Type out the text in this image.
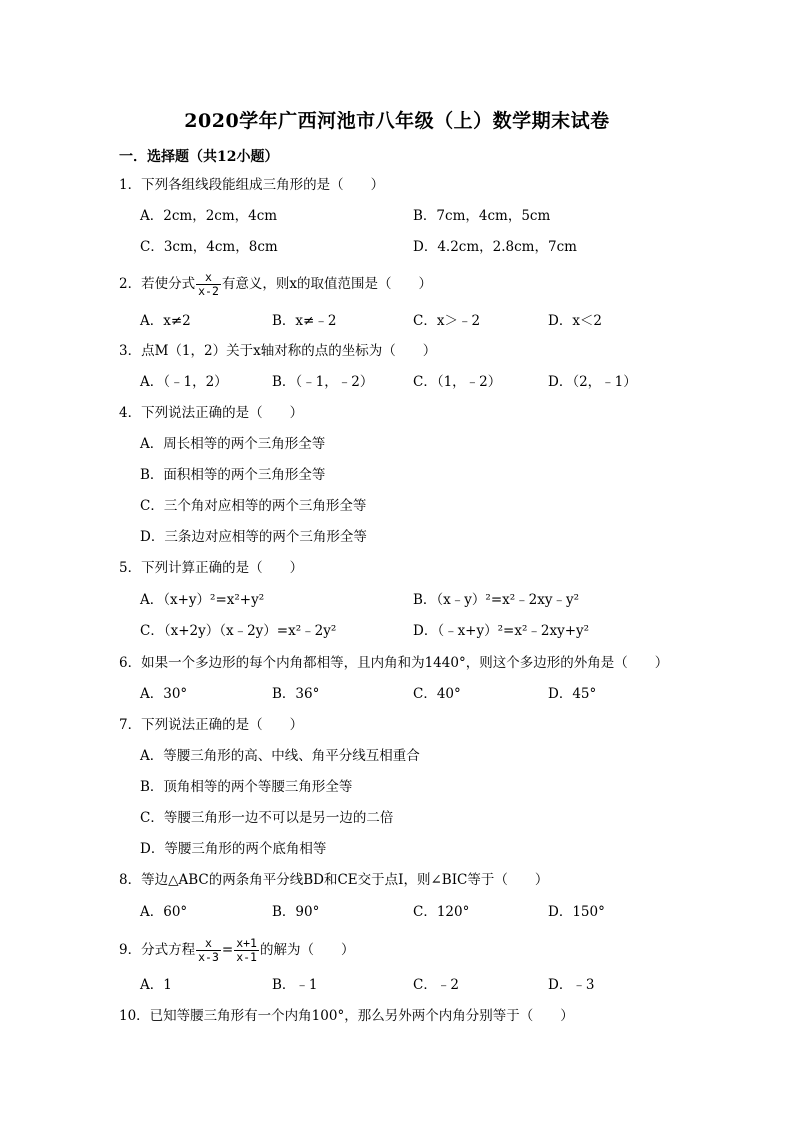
2020学年广西河池市八年级（上）数学期末试卷
一．选择题（共12小题）
1．下列各组线段能组成三角形的是（　　）
A．2cm，2cm，4cm	B．7cm，4cm，5cm
C．3cm，4cm，8cm	D．4.2cm，2.8cm，7cm
2．若使分式 $\frac{x}{x-2}$ 有意义，则x的取值范围是（　　）
A．x≠2	B．x≠﹣2	C．x＞﹣2	D．x＜2
3．点M（1，2）关于x轴对称的点的坐标为（　　）
A．（﹣1，2）	B．（﹣1，﹣2）	C．（1，﹣2）	D．（2，﹣1）
4．下列说法正确的是（　　）
A．周长相等的两个三角形全等
B．面积相等的两个三角形全等
C．三个角对应相等的两个三角形全等
D．三条边对应相等的两个三角形全等
5．下列计算正确的是（　　）
A．（x+y）²=x²+y²	B．（x﹣y）²=x²﹣2xy﹣y²
C．（x+2y）（x﹣2y）=x²﹣2y²	D．（﹣x+y）²=x²﹣2xy+y²
6．如果一个多边形的每个内角都相等，且内角和为1440°，则这个多边形的外角是（　　）
A．30°	B．36°	C．40°	D．45°
7．下列说法正确的是（　　）
A．等腰三角形的高、中线、角平分线互相重合
B．顶角相等的两个等腰三角形全等
C．等腰三角形一边不可以是另一边的二倍
D．等腰三角形的两个底角相等
8．等边△ABC的两条角平分线BD和CE交于点I，则∠BIC等于（　　）
A．60°	B．90°	C．120°	D．150°
9．分式方程 $\frac{x}{x-3} = \frac{x+1}{x-1}$ 的解为（　　）
A．1	B．﹣1	C．﹣2	D．﹣3
10．已知等腰三角形有一个内角100°，那么另外两个内角分别等于（　　）
